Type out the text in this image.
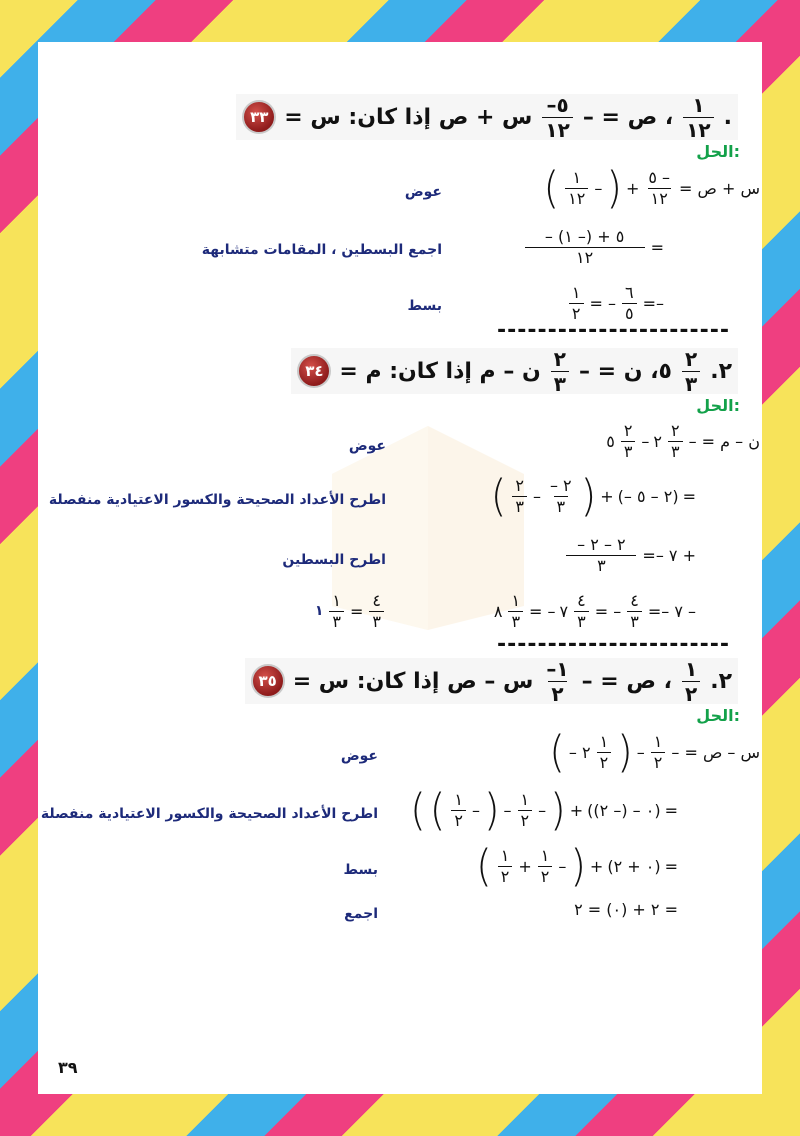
٣٣ س + ص إذا كان: س = ٥–
١٢ ، ص = – ١
١٢ .
الحل:
عوض	( ١
١٢
– ) +
٥ –
١٢
س + ص =
اجمع البسطين ، المقامات متشابهة
– ٥ + (– ١)
١٢
=
بسط
١
٢
= –
٦
٥
=–
-----------------------
٣٤ ن – م إذا كان: م = ٢
٣ ٥، ن = – ٢
٣ ٢.
الحل:
عوض	٥
٢
٣
– ٢
٢
٣
ن – م = –
اطرح الأعداد الصحيحة والكسور الاعتيادية منفصلة	( ٢
٣
–
– ٢
٣ ) + (– ٢ – ٥) =
اطرح البسطين
– ٢ – ٢
٣
=– ٧ +
١
١
٣
=
٤
٣
٨
١
٣
= – ٧
٤
٣
= –
٤
٣
=– ٧ –
-----------------------
٣٥ س – ص إذا كان: س = ١–
٢ ، ص = – ١
٢ ٢.
الحل:
عوض	( – ٢
١
٢ ) –
١
٢
س – ص = –
اطرح الأعداد الصحيحة والكسور الاعتيادية منفصلة ( ( ١
٢
– ) –
١
٢
– ) + (٠ – (– ٢)) =
بسط ( ١
٢
+
١
٢
– ) + (٠ + ٢) =
اجمع	= ٢ + (٠) = ٢
٣٩
